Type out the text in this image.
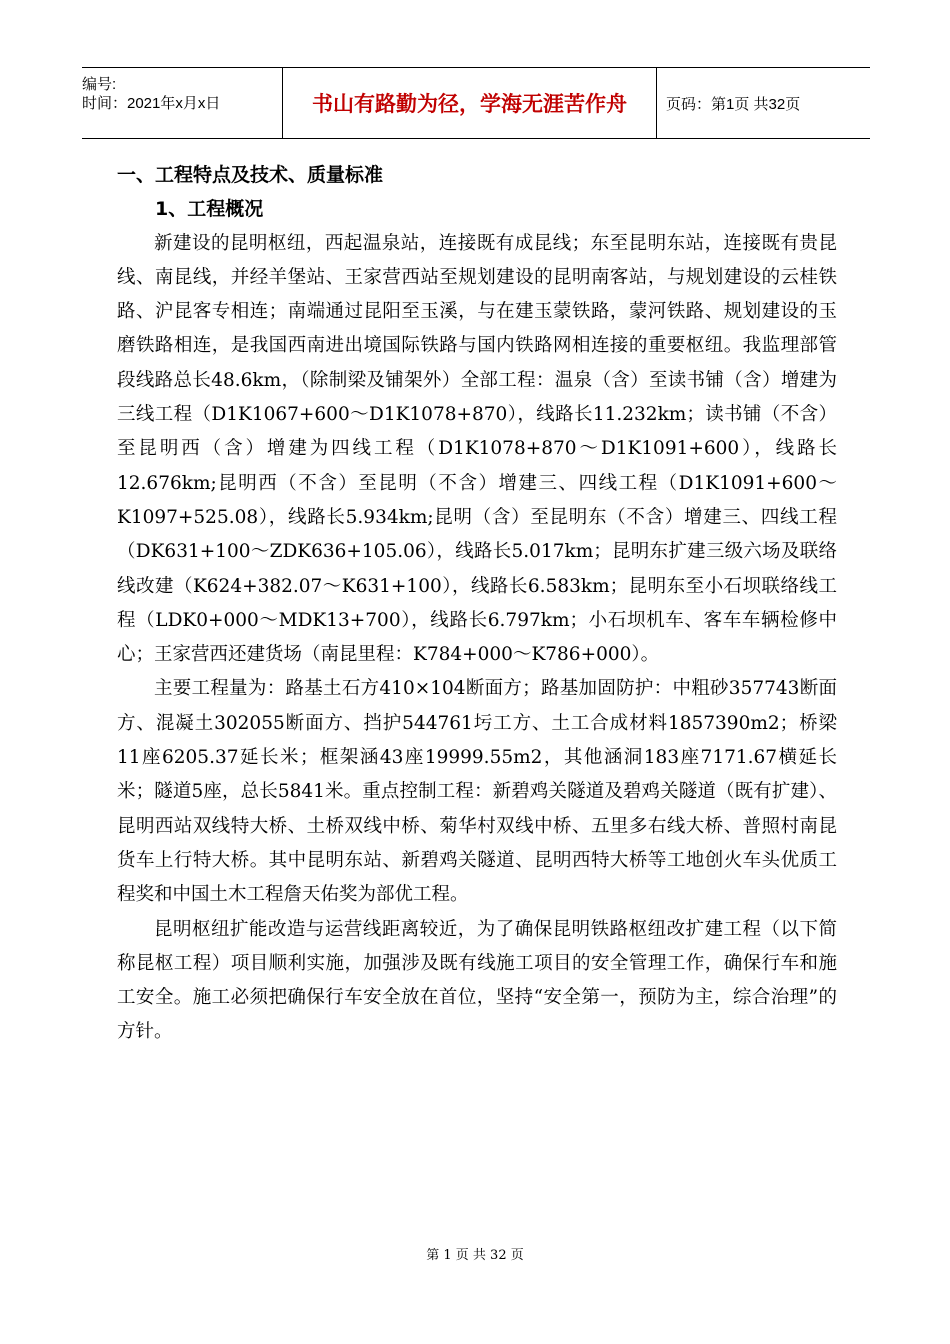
编号:
时间：2021年x月x日	书山有路勤为径，学海无涯苦作舟	页码：第1页 共32页

一、工程特点及技术、质量标准

1、工程概况

新建设的昆明枢纽，西起温泉站，连接既有成昆线；东至昆明东站，连接既有贵昆线、南昆线，并经羊堡站、王家营西站至规划建设的昆明南客站，与规划建设的云桂铁路、沪昆客专相连；南端通过昆阳至玉溪，与在建玉蒙铁路，蒙河铁路、规划建设的玉磨铁路相连，是我国西南进出境国际铁路与国内铁路网相连接的重要枢纽。我监理部管段线路总长48.6km，（除制梁及铺架外）全部工程：温泉（含）至读书铺（含）增建为三线工程（D1K1067+600～D1K1078+870），线路长11.232km；读书铺（不含）至昆明西（含）增建为四线工程（D1K1078+870～D1K1091+600），线路长12.676km;昆明西（不含）至昆明（不含）增建三、四线工程（D1K1091+600～K1097+525.08），线路长5.934km;昆明（含）至昆明东（不含）增建三、四线工程（DK631+100～ZDK636+105.06），线路长5.017km；昆明东扩建三级六场及联络线改建（K624+382.07～K631+100），线路长6.583km；昆明东至小石坝联络线工程（LDK0+000～MDK13+700），线路长6.797km；小石坝机车、客车车辆检修中心；王家营西还建货场（南昆里程：K784+000～K786+000）。

主要工程量为：路基土石方410×104断面方；路基加固防护：中粗砂357743断面方、混凝土302055断面方、挡护544761圬工方、土工合成材料1857390m2；桥梁11座6205.37延长米；框架涵43座19999.55m2，其他涵洞183座7171.67横延长米；隧道5座，总长5841米。重点控制工程：新碧鸡关隧道及碧鸡关隧道（既有扩建）、昆明西站双线特大桥、土桥双线中桥、菊华村双线中桥、五里多右线大桥、普照村南昆货车上行特大桥。其中昆明东站、新碧鸡关隧道、昆明西特大桥等工地创火车头优质工程奖和中国土木工程詹天佑奖为部优工程。

昆明枢纽扩能改造与运营线距离较近，为了确保昆明铁路枢纽改扩建工程（以下简称昆枢工程）项目顺利实施，加强涉及既有线施工项目的安全管理工作，确保行车和施工安全。施工必须把确保行车安全放在首位，坚持“安全第一，预防为主，综合治理”的方针。

第 1 页 共 32 页
